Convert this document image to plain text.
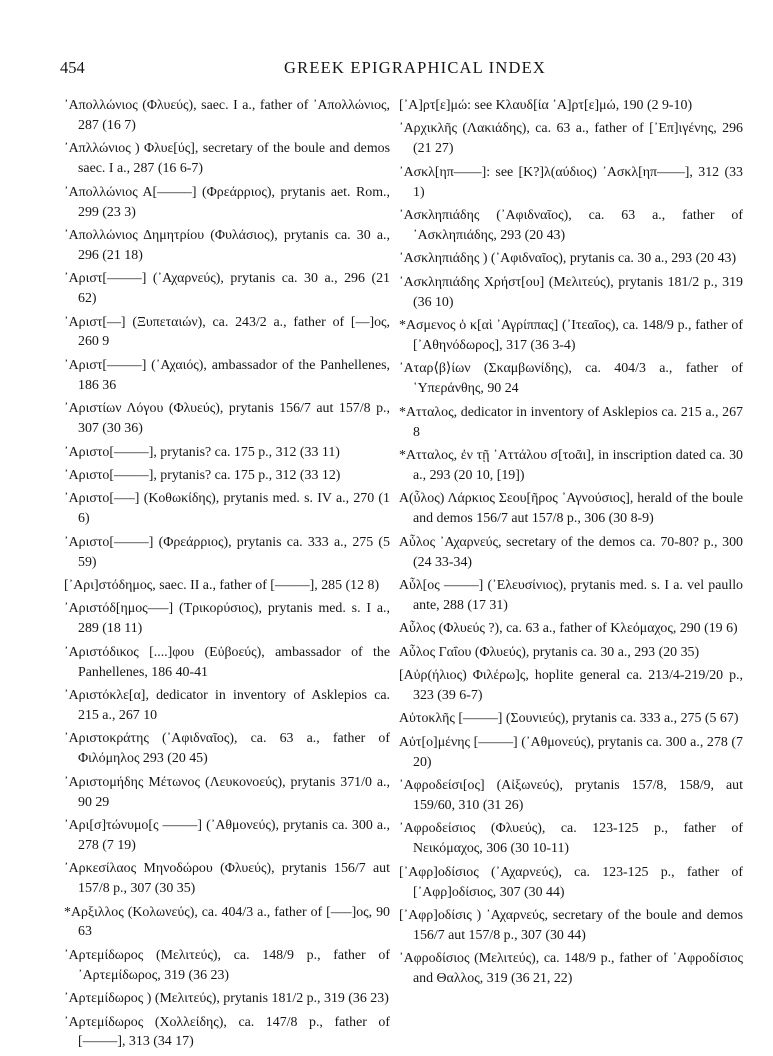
454	GREEK EPIGRAPHICAL INDEX
᾽Απολλώνιος (Φλυεύς), saec. I a., father of ᾽Απολλώνιος, 287 (16 7)
᾽Απλλώνιος ) Φλυε[ύς], secretary of the boule and demos saec. I a., 287 (16 6-7)
᾽Απολλώνιος Α[–––––] (Φρεάρριος), prytanis aet. Rom., 299 (23 3)
᾽Απολλώνιος Δημητρίου (Φυλάσιος), prytanis ca. 30 a., 296 (21 18)
᾽Αριστ[–––––] (᾽Αχαρνεύς), prytanis ca. 30 a., 296 (21 62)
᾽Αριστ[––] (Ξυπεταιών), ca. 243/2 a., father of [––]ος, 260 9
᾽Αριστ[–––––] (᾽Αχαιός), ambassador of the Panhellenes, 186 36
᾽Αριστίων Λόγου (Φλυεύς), prytanis 156/7 aut 157/8 p., 307 (30 36)
᾽Αριστο[–––––], prytanis? ca. 175 p., 312 (33 11)
᾽Αριστο[–––––], prytanis? ca. 175 p., 312 (33 12)
᾽Αριστο[–––] (Κοθωκίδης), prytanis med. s. IV a., 270 (1 6)
᾽Αριστο[–––––] (Φρεάρριος), prytanis ca. 333 a., 275 (5 59)
[᾽Αρι]στόδημος, saec. II a., father of [–––––], 285 (12 8)
᾽Αριστόδ[ημος–––] (Τρικορύσιος), prytanis med. s. I a., 289 (18 11)
᾽Αριστόδικος [....]φου (Εὐβοεύς), ambassador of the Panhellenes, 186 40-41
᾽Αριστόκλε[α], dedicator in inventory of Asklepios ca. 215 a., 267 10
᾽Αριστοκράτης (᾽Αφιδναῖος), ca. 63 a., father of Φιλόμηλος 293 (20 45)
᾽Αριστομήδης Μέτωνος (Λευκονοεύς), prytanis 371/0 a., 90 29
᾽Αρι[σ]τώνυμο[ς –––––] (᾽Αθμονεύς), prytanis ca. 300 a., 278 (7 19)
᾽Αρκεσίλαος Μηνοδώρου (Φλυεύς), prytanis 156/7 aut 157/8 p., 307 (30 35)
*Αρξιλλος (Κολωνεύς), ca. 404/3 a., father of [–––]ος, 90 63
᾽Αρτεμίδωρος (Μελιτεύς), ca. 148/9 p., father of ᾽Αρτεμίδωρος, 319 (36 23)
᾽Αρτεμίδωρος ) (Μελιτεύς), prytanis 181/2 p., 319 (36 23)
᾽Αρτεμίδωρος (Χολλείδης), ca. 147/8 p., father of [–––––], 313 (34 17)
[᾽Α]ρτ[ε]μώ: see Κλαυδ[ία ᾽Α]ρτ[ε]μώ, 190 (2 9-10)
᾽Αρχικλῆς (Λακιάδης), ca. 63 a., father of [᾽Επ]ιγένης, 296 (21 27)
᾽Ασκλ[ηπ––––]: see [Κ?]λ(αύδιος) ᾽Ασκλ[ηπ––––], 312 (33 1)
᾽Ασκληπιάδης (᾽Αφιδναῖος), ca. 63 a., father of ᾽Ασκληπιάδης, 293 (20 43)
᾽Ασκληπιάδης ) (᾽Αφιδναῖος), prytanis ca. 30 a., 293 (20 43)
᾽Ασκληπιάδης Χρήστ[ου] (Μελιτεύς), prytanis 181/2 p., 319 (36 10)
*Ασμενος ὁ κ[αὶ ᾽Αγρίππας] (᾽Ιτεαῖος), ca. 148/9 p., father of [᾽Αθηνόδωρος], 317 (36 3-4)
᾽Αταρ⟨β⟩ίων (Σκαμβωνίδης), ca. 404/3 a., father of ῾Υπεράνθης, 90 24
*Ατταλος, dedicator in inventory of Asklepios ca. 215 a., 267 8
*Ατταλος, ἐν τῇ ᾽Αττάλου σ[τοᾶι], in inscription dated ca. 30 a., 293 (20 10, [19])
Α(ὖλος) Λάρκιος Σεου[ῆρος ᾽Αγνούσιος], herald of the boule and demos 156/7 aut 157/8 p., 306 (30 8-9)
Αὖλος ᾽Αχαρνεύς, secretary of the demos ca. 70-80? p., 300 (24 33-34)
Αὖλ[ος –––––] (᾽Ελευσίνιος), prytanis med. s. I a. vel paullo ante, 288 (17 31)
Αὖλος (Φλυεύς ?), ca. 63 a., father of Κλεόμαχος, 290 (19 6)
Αὖλος Γαΐου (Φλυεύς), prytanis ca. 30 a., 293 (20 35)
[Αὐρ(ήλιος) Φιλέρω]ς, hoplite general ca. 213/4-219/20 p., 323 (39 6-7)
Αὐτοκλῆς [–––––] (Σουνιεύς), prytanis ca. 333 a., 275 (5 67)
Αὐτ[ο]μένης [–––––] (᾽Αθμονεύς), prytanis ca. 300 a., 278 (7 20)
᾽Αφροδείσι[ος] (Αἰξωνεύς), prytanis 157/8, 158/9, aut 159/60, 310 (31 26)
᾽Αφροδείσιος (Φλυεύς), ca. 123-125 p., father of Νεικόμαχος, 306 (30 10-11)
[᾽Αφρ]οδίσιος (᾽Αχαρνεύς), ca. 123-125 p., father of [᾽Αφρ]οδίσιος, 307 (30 44)
[᾽Αφρ]οδίσις ) ᾽Αχαρνεύς, secretary of the boule and demos 156/7 aut 157/8 p., 307 (30 44)
᾽Αφροδίσιος (Μελιτεύς), ca. 148/9 p., father of ᾽Αφροδίσιος and Θαλλος, 319 (36 21, 22)
